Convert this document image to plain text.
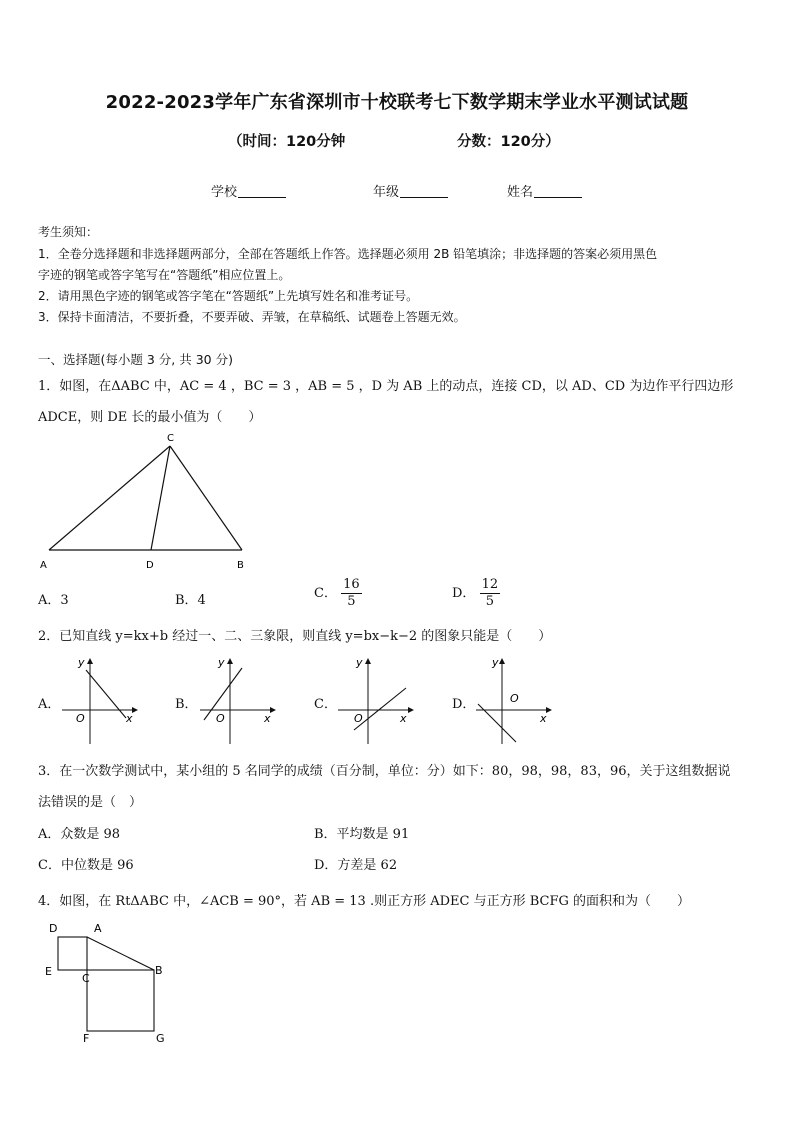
2022-2023学年广东省深圳市十校联考七下数学期末学业水平测试试题
（时间：120分钟	分数：120分）
学校	年级	姓名
考生须知：
1．全卷分选择题和非选择题两部分，全部在答题纸上作答。选择题必须用 2B 铅笔填涂；非选择题的答案必须用黑色
字迹的钢笔或答字笔写在“答题纸”相应位置上。
2．请用黑色字迹的钢笔或答字笔在“答题纸”上先填写姓名和准考证号。
3．保持卡面清洁，不要折叠，不要弄破、弄皱，在草稿纸、试题卷上答题无效。
一、选择题(每小题 3 分, 共 30 分)
1．如图，在ΔABC 中，AC = 4 ，BC = 3 ，AB = 5 ，D 为 AB 上的动点，连接 CD，以 AD、CD 为边作平行四边形
ADCE，则 DE 长的最小值为（　　）
C
A	D	B
A．3	B．4	C． $\frac{16}{5}$	D． $\frac{12}{5}$
2．已知直线 y=kx+b 经过一、二、三象限，则直线 y=bx−k−2 的图象只能是（　　）
A．	B．	C．	D．
y
O	x
y
O	x
y
O	x
y
O
x
3．在一次数学测试中，某小组的 5 名同学的成绩（百分制，单位：分）如下：80，98，98，83，96，关于这组数据说
法错误的是（　）
A．众数是 98	B．平均数是 91
C．中位数是 96	D．方差是 62
4．如图，在 RtΔABC 中，∠ACB = 90°，若 AB = 13 .则正方形 ADEC 与正方形 BCFG 的面积和为（　　）
D	A
E
C
B
F	G
